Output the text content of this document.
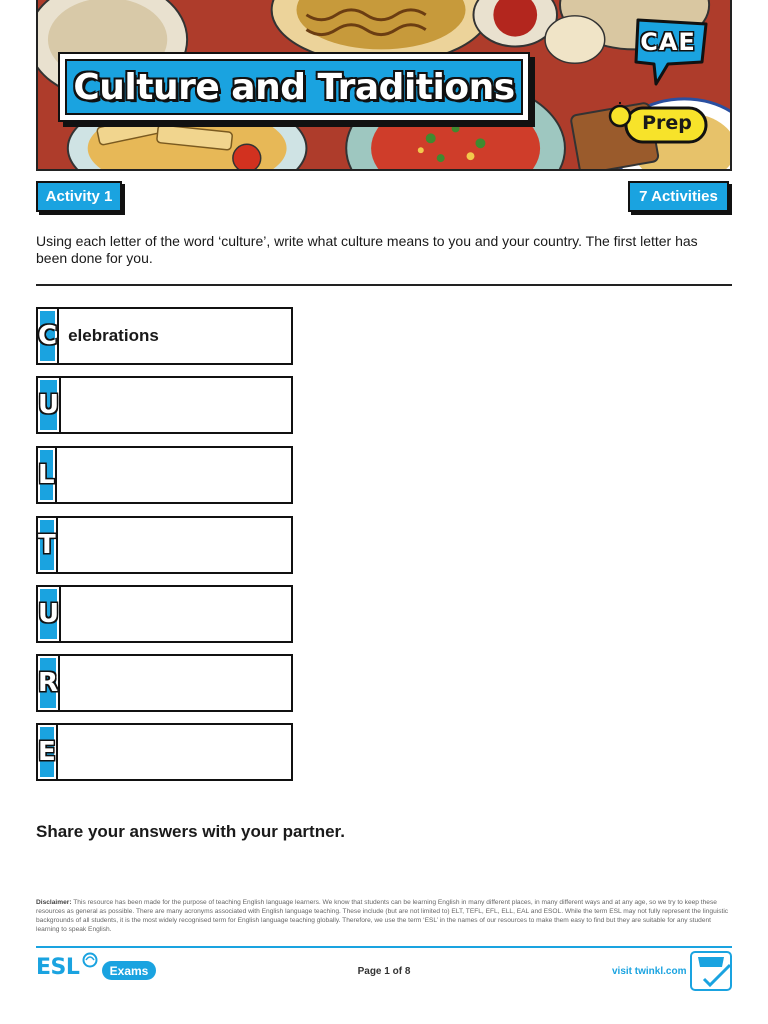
Culture and Traditions
CAE
Prep
Activity 1	7 Activities

Using each letter of the word ‘culture’, write what culture means to you and your country. The first letter has been done for you.

C
elebrations
U
L
T
U
R
E

Share your answers with your partner.

Disclaimer: This resource has been made for the purpose of teaching English language learners. We know that students can be learning English in many different places, in many different ways and at any age, so we try to keep these resources as general as possible. There are many acronyms associated with English language teaching. These include (but are not limited to) ELT, TEFL, EFL, ELL, EAL and ESOL. While the term ESL may not fully represent the linguistic backgrounds of all students, it is the most widely recognised term for English language teaching globally. Therefore, we use the term ‘ESL’ in the names of our resources to make them easy to find but they are suitable for any student learning to speak English.

ESL	Exams	Page 1 of 8	visit twinkl.com
